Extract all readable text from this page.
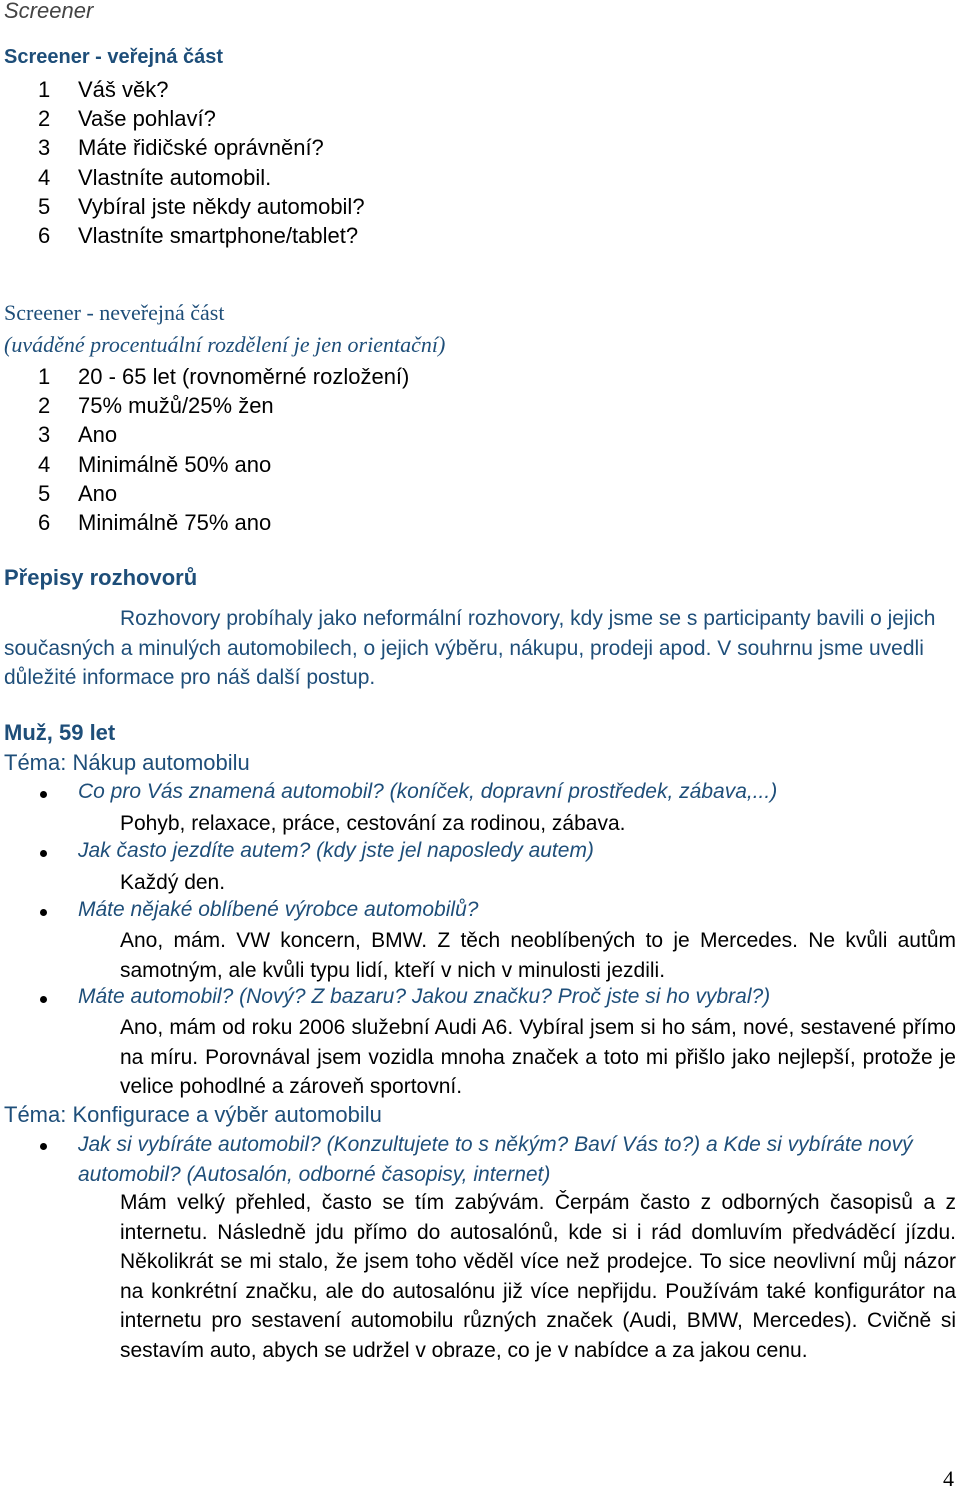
Screener
Screener - veřejná část
1 Váš věk?
2 Vaše pohlaví?
3 Máte řidičské oprávnění?
4 Vlastníte automobil.
5 Vybíral jste někdy automobil?
6 Vlastníte smartphone/tablet?
Screener - neveřejná část
(uváděné procentuální rozdělení je jen orientační)
1 20 - 65 let (rovnoměrné rozložení)
2 75% mužů/25% žen
3 Ano
4 Minimálně 50% ano
5 Ano
6 Minimálně 75% ano
Přepisy rozhovorů
Rozhovory probíhaly jako neformální rozhovory, kdy jsme se s participanty bavili o jejich současných a minulých automobilech, o jejich výběru, nákupu, prodeji apod. V souhrnu jsme uvedli důležité informace pro náš další postup.
Muž, 59 let
Téma: Nákup automobilu
Co pro Vás znamená automobil? (koníček, dopravní prostředek, zábava,...)
Pohyb, relaxace, práce, cestování za rodinou, zábava.
Jak často jezdíte autem? (kdy jste jel naposledy autem)
Každý den.
Máte nějaké oblíbené výrobce automobilů?
Ano, mám. VW koncern, BMW. Z těch neoblíbených to je Mercedes. Ne kvůli autům samotným, ale kvůli typu lidí, kteří v nich v minulosti jezdili.
Máte automobil? (Nový? Z bazaru? Jakou značku? Proč jste si ho vybral?)
Ano, mám od roku 2006 služební Audi A6. Vybíral jsem si ho sám, nové, sestavené přímo na míru. Porovnával jsem vozidla mnoha značek a toto mi přišlo jako nejlepší, protože je velice pohodlné a zároveň sportovní.
Téma: Konfigurace a výběr automobilu
Jak si vybíráte automobil? (Konzultujete to s někým? Baví Vás to?) a Kde si vybíráte nový automobil? (Autosalón, odborné časopisy, internet)
Mám velký přehled, často se tím zabývám. Čerpám často z odborných časopisů a z internetu. Následně jdu přímo do autosalónů, kde si i rád domluvím předváděcí jízdu. Několikrát se mi stalo, že jsem toho věděl více než prodejce. To sice neovlivní můj názor na konkrétní značku, ale do autosalónu již více nepřijdu. Používám také konfigurátor na internetu pro sestavení automobilu různých značek (Audi, BMW, Mercedes). Cvičně si sestavím auto, abych se udržel v obraze, co je v nabídce a za jakou cenu.
4
